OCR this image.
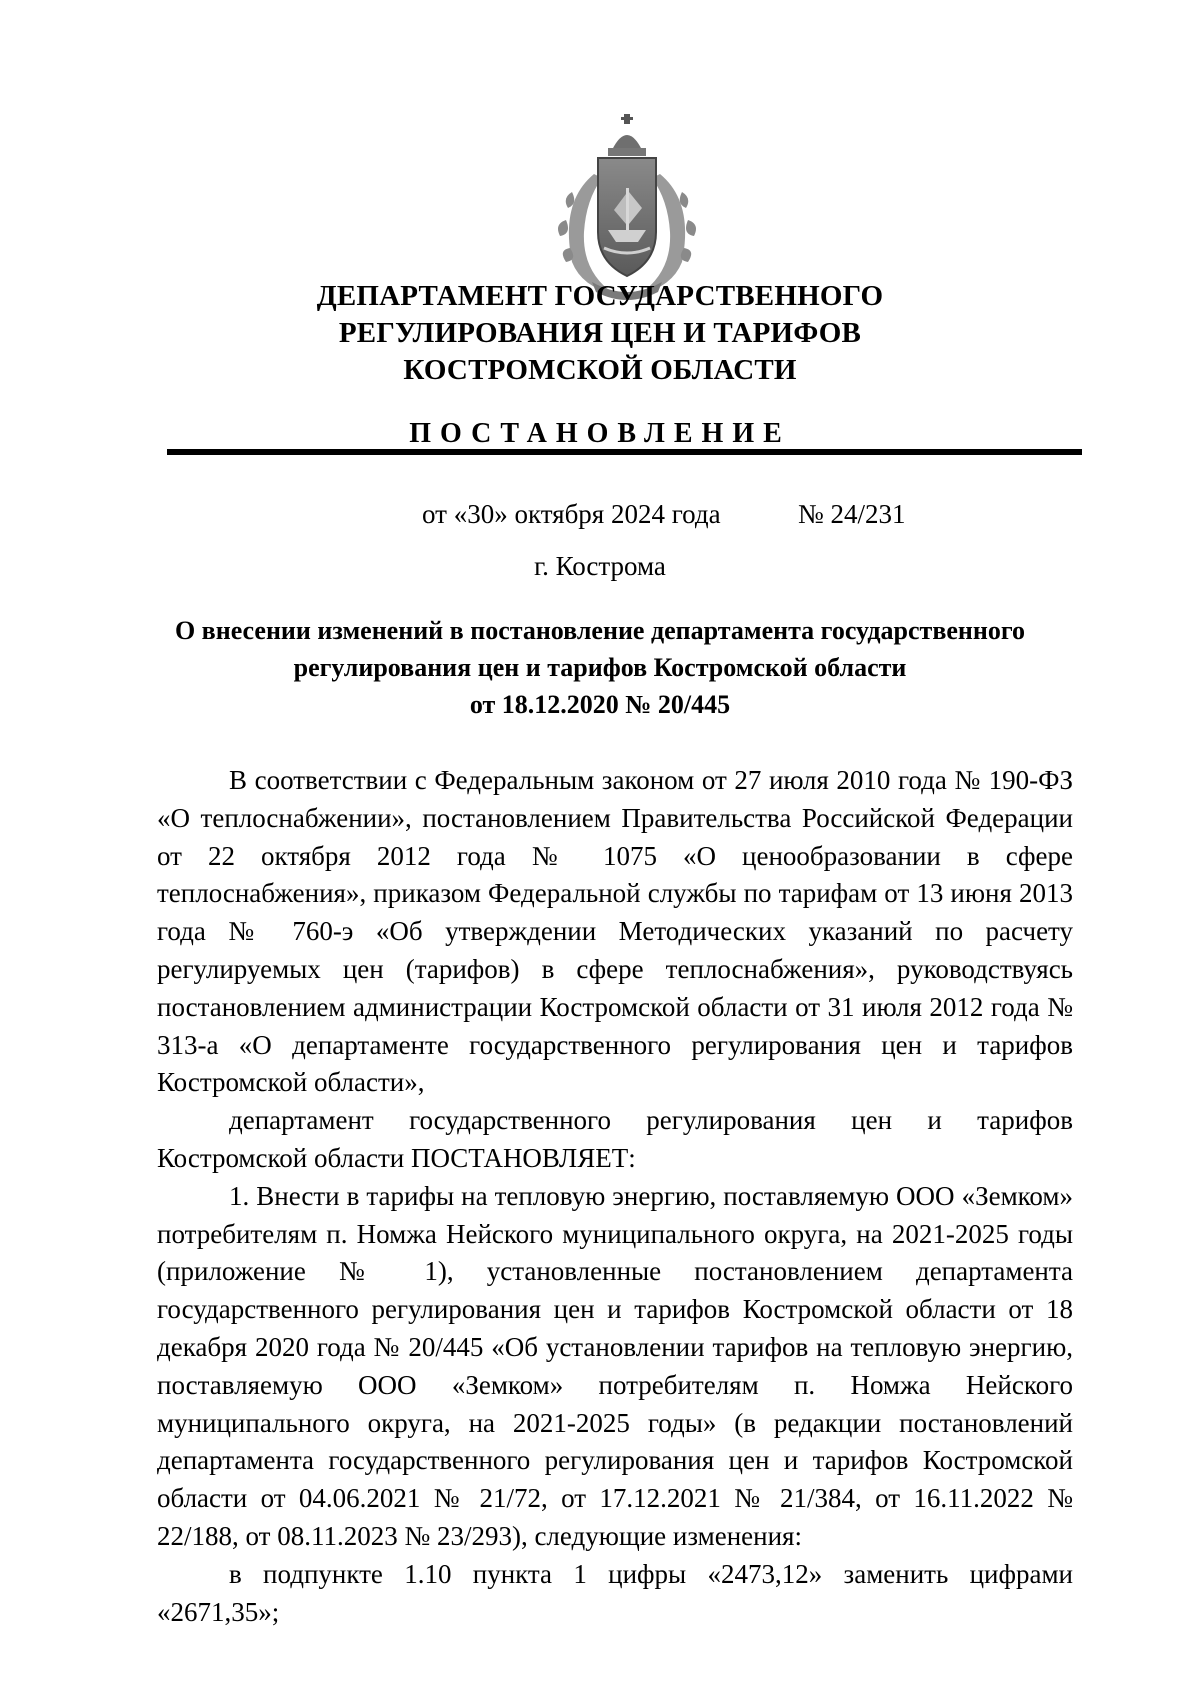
ДЕПАРТАМЕНТ ГОСУДАРСТВЕННОГО
РЕГУЛИРОВАНИЯ ЦЕН И ТАРИФОВ
КОСТРОМСКОЙ ОБЛАСТИ
ПОСТАНОВЛЕНИЕ
от «30» октября 2024 года	№ 24/231
г. Кострома
О внесении изменений в постановление департамента государственного
регулирования цен и тарифов Костромской области
от 18.12.2020 № 20/445

В соответствии с Федеральным законом от 27 июля 2010 года № 190-ФЗ «О теплоснабжении», постановлением Правительства Российской Федерации от 22 октября 2012 года № 1075 «О ценообразовании в сфере теплоснабжения», приказом Федеральной службы по тарифам от 13 июня 2013 года № 760-э «Об утверждении Методических указаний по расчету регулируемых цен (тарифов) в сфере теплоснабжения», руководствуясь постановлением администрации Костромской области от 31 июля 2012 года № 313-а «О департаменте государственного регулирования цен и тарифов Костромской области»,

департамент государственного регулирования цен и тарифов Костромской области ПОСТАНОВЛЯЕТ:

1. Внести в тарифы на тепловую энергию, поставляемую ООО «Земком» потребителям п. Номжа Нейского муниципального округа, на 2021-2025 годы (приложение № 1), установленные постановлением департамента государственного регулирования цен и тарифов Костромской области от 18 декабря 2020 года № 20/445 «Об установлении тарифов на тепловую энергию, поставляемую ООО «Земком» потребителям п. Номжа Нейского муниципального округа, на 2021-2025 годы» (в редакции постановлений департамента государственного регулирования цен и тарифов Костромской области от 04.06.2021 № 21/72, от 17.12.2021 № 21/384, от 16.11.2022 № 22/188, от 08.11.2023 № 23/293), следующие изменения:

в подпункте 1.10 пункта 1 цифры «2473,12» заменить цифрами «2671,35»;
